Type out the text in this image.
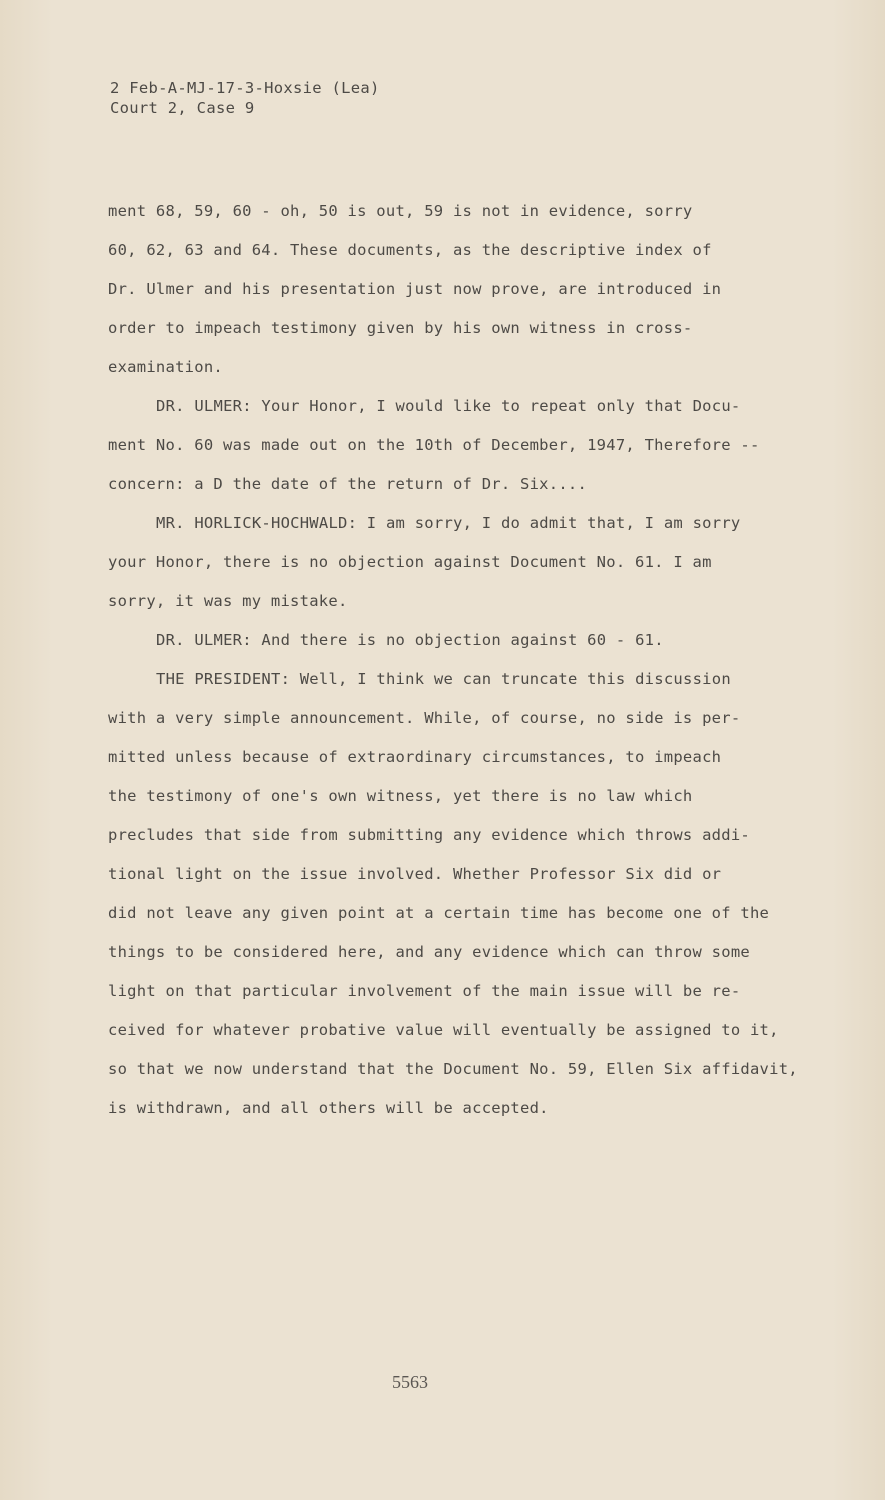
2 Feb-A-MJ-17-3-Hoxsie (Lea)
Court 2, Case 9
ment 68, 59, 60 - oh, 50 is out, 59 is not in evidence, sorry
60, 62, 63 and 64. These documents, as the descriptive index of
Dr. Ulmer and his presentation just now prove, are introduced in
order to impeach testimony given by his own witness in cross-
examination.
DR. ULMER: Your Honor, I would like to repeat only that Docu-
ment No. 60 was made out on the 10th of December, 1947, Therefore --
concern: a D the date of the return of Dr. Six....
MR. HORLICK-HOCHWALD: I am sorry, I do admit that, I am sorry
your Honor, there is no objection against Document No. 61. I am
sorry, it was my mistake.
DR. ULMER: And there is no objection against 60 - 61.
THE PRESIDENT: Well, I think we can truncate this discussion
with a very simple announcement. While, of course, no side is per-
mitted unless because of extraordinary circumstances, to impeach
the testimony of one's own witness, yet there is no law which
precludes that side from submitting any evidence which throws addi-
tional light on the issue involved. Whether Professor Six did or
did not leave any given point at a certain time has become one of the
things to be considered here, and any evidence which can throw some
light on that particular involvement of the main issue will be re-
ceived for whatever probative value will eventually be assigned to it,
so that we now understand that the Document No. 59, Ellen Six affidavit,
is withdrawn, and all others will be accepted.
5563
